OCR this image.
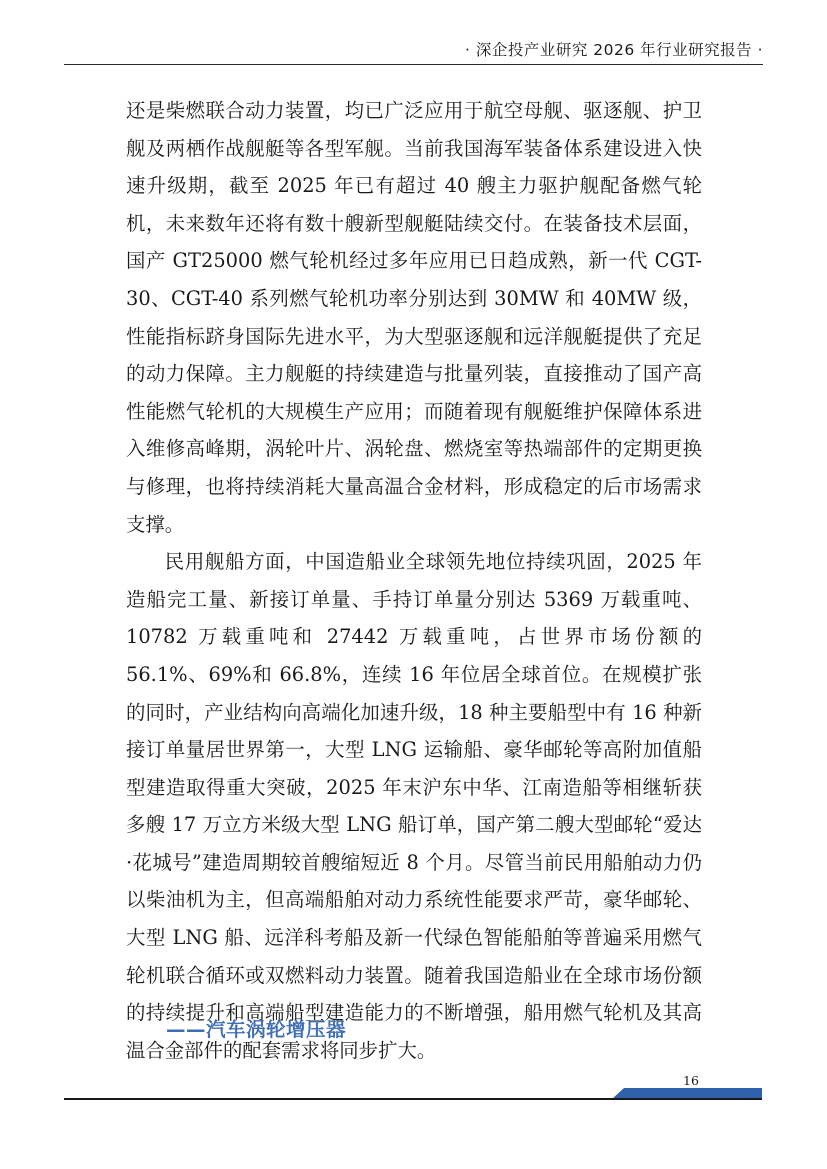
· 深企投产业研究 2026 年行业研究报告 ·

还是柴燃联合动力装置，均已广泛应用于航空母舰、驱逐舰、护卫舰及两栖作战舰艇等各型军舰。当前我国海军装备体系建设进入快速升级期，截至 2025 年已有超过 40 艘主力驱护舰配备燃气轮机，未来数年还将有数十艘新型舰艇陆续交付。在装备技术层面，国产 GT25000 燃气轮机经过多年应用已日趋成熟，新一代 CGT-30、CGT-40 系列燃气轮机功率分别达到 30MW 和 40MW 级，性能指标跻身国际先进水平，为大型驱逐舰和远洋舰艇提供了充足的动力保障。主力舰艇的持续建造与批量列装，直接推动了国产高性能燃气轮机的大规模生产应用；而随着现有舰艇维护保障体系进入维修高峰期，涡轮叶片、涡轮盘、燃烧室等热端部件的定期更换与修理，也将持续消耗大量高温合金材料，形成稳定的后市场需求支撑。

民用舰船方面，中国造船业全球领先地位持续巩固，2025 年造船完工量、新接订单量、手持订单量分别达 5369 万载重吨、10782 万载重吨和 27442 万载重吨，占世界市场份额的 56.1%、69%和 66.8%，连续 16 年位居全球首位。在规模扩张的同时，产业结构向高端化加速升级，18 种主要船型中有 16 种新接订单量居世界第一，大型 LNG 运输船、豪华邮轮等高附加值船型建造取得重大突破，2025 年末沪东中华、江南造船等相继斩获多艘 17 万立方米级大型 LNG 船订单，国产第二艘大型邮轮“爱达·花城号”建造周期较首艘缩短近 8 个月。尽管当前民用船舶动力仍以柴油机为主，但高端船舶对动力系统性能要求严苛，豪华邮轮、大型 LNG 船、远洋科考船及新一代绿色智能船舶等普遍采用燃气轮机联合循环或双燃料动力装置。随着我国造船业在全球市场份额的持续提升和高端船型建造能力的不断增强，船用燃气轮机及其高温合金部件的配套需求将同步扩大。

——汽车涡轮增压器
16
